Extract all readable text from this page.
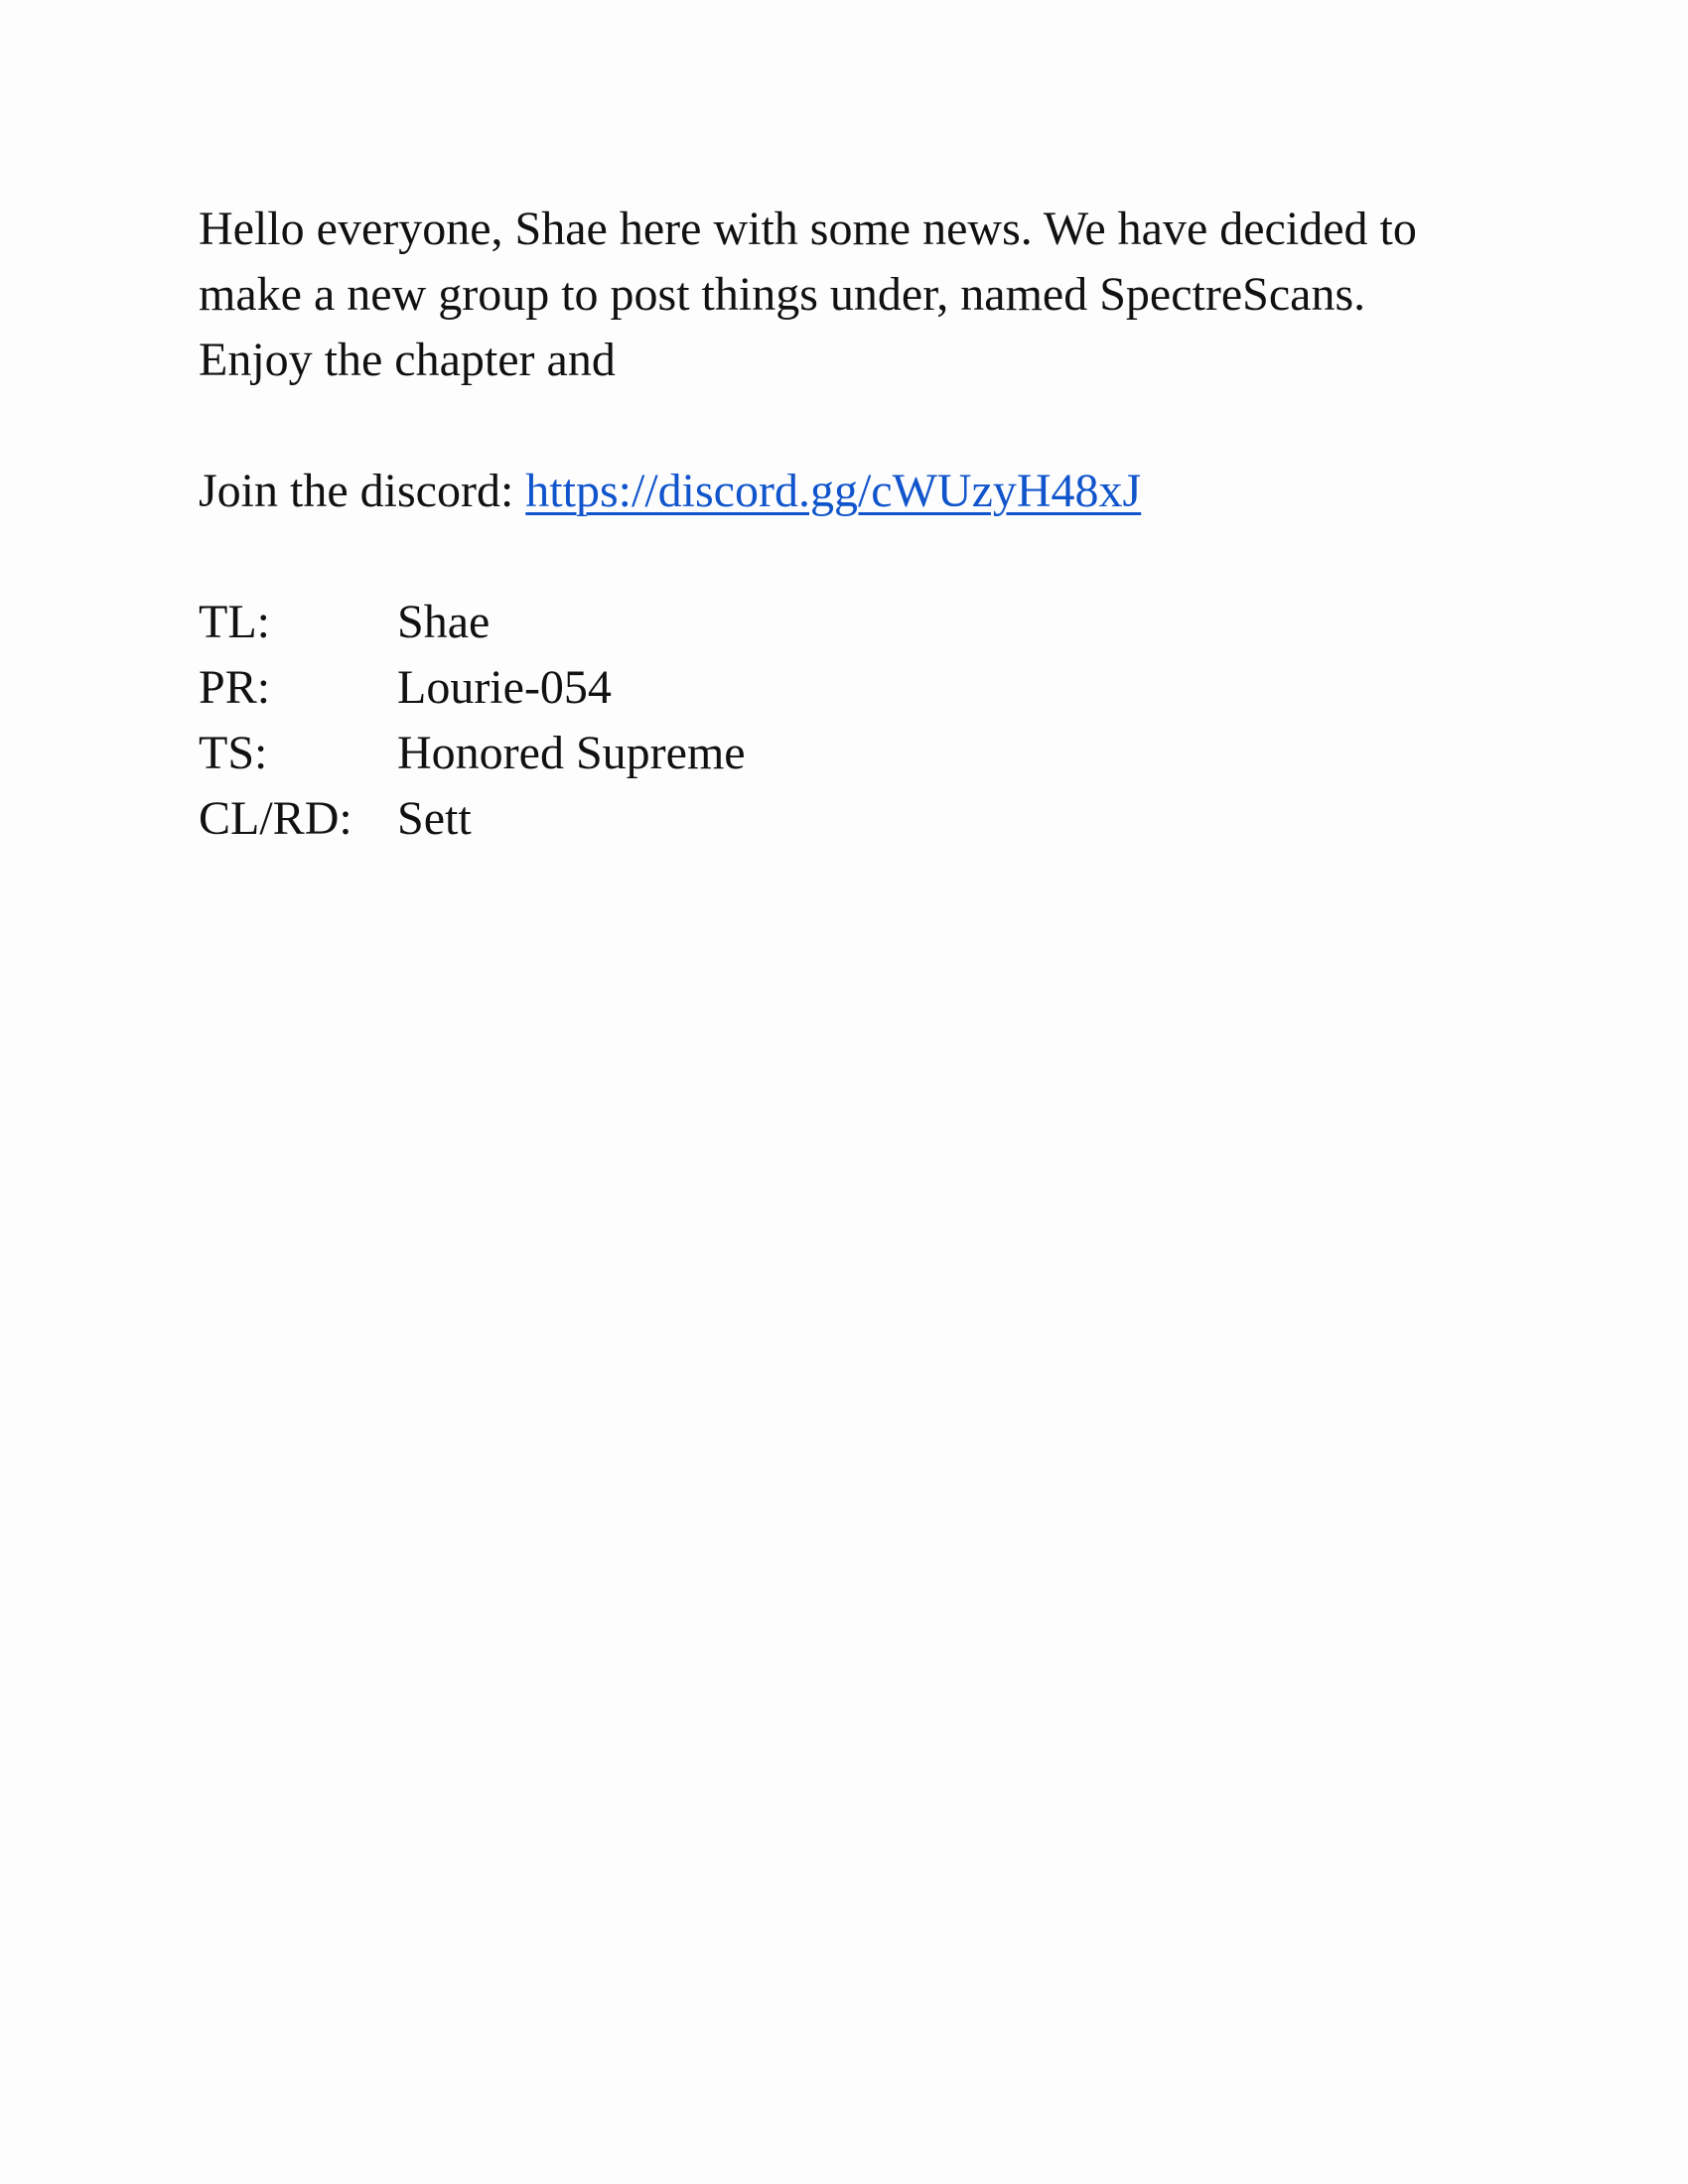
Hello everyone, Shae here with some news. We have decided to

make a new group to post things under, named SpectreScans.

Enjoy the chapter and

Join the discord: https://discord.gg/cWUzyH48xJ
TL:	Shae
PR:	Lourie-054
TS:	Honored Supreme
CL/RD: Sett
